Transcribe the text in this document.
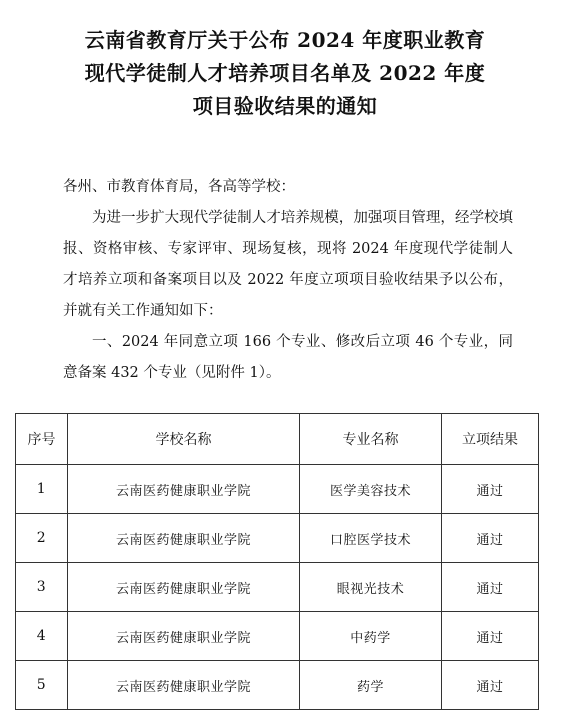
云南省教育厅关于公布 2024 年度职业教育
现代学徒制人才培养项目名单及 2022 年度
项目验收结果的通知

各州、市教育体育局，各高等学校：

为进一步扩大现代学徒制人才培养规模，加强项目管理，经学校填报、资格审核、专家评审、现场复核，现将 2024 年度现代学徒制人才培养立项和备案项目以及 2022 年度立项项目验收结果予以公布，并就有关工作通知如下：

一、2024 年同意立项 166 个专业、修改后立项 46 个专业，同意备案 432 个专业（见附件 1）。

序号	学校名称	专业名称	立项结果
1	云南医药健康职业学院	医学美容技术	通过
2	云南医药健康职业学院	口腔医学技术	通过
3	云南医药健康职业学院	眼视光技术	通过
4	云南医药健康职业学院	中药学	通过
5	云南医药健康职业学院	药学	通过
